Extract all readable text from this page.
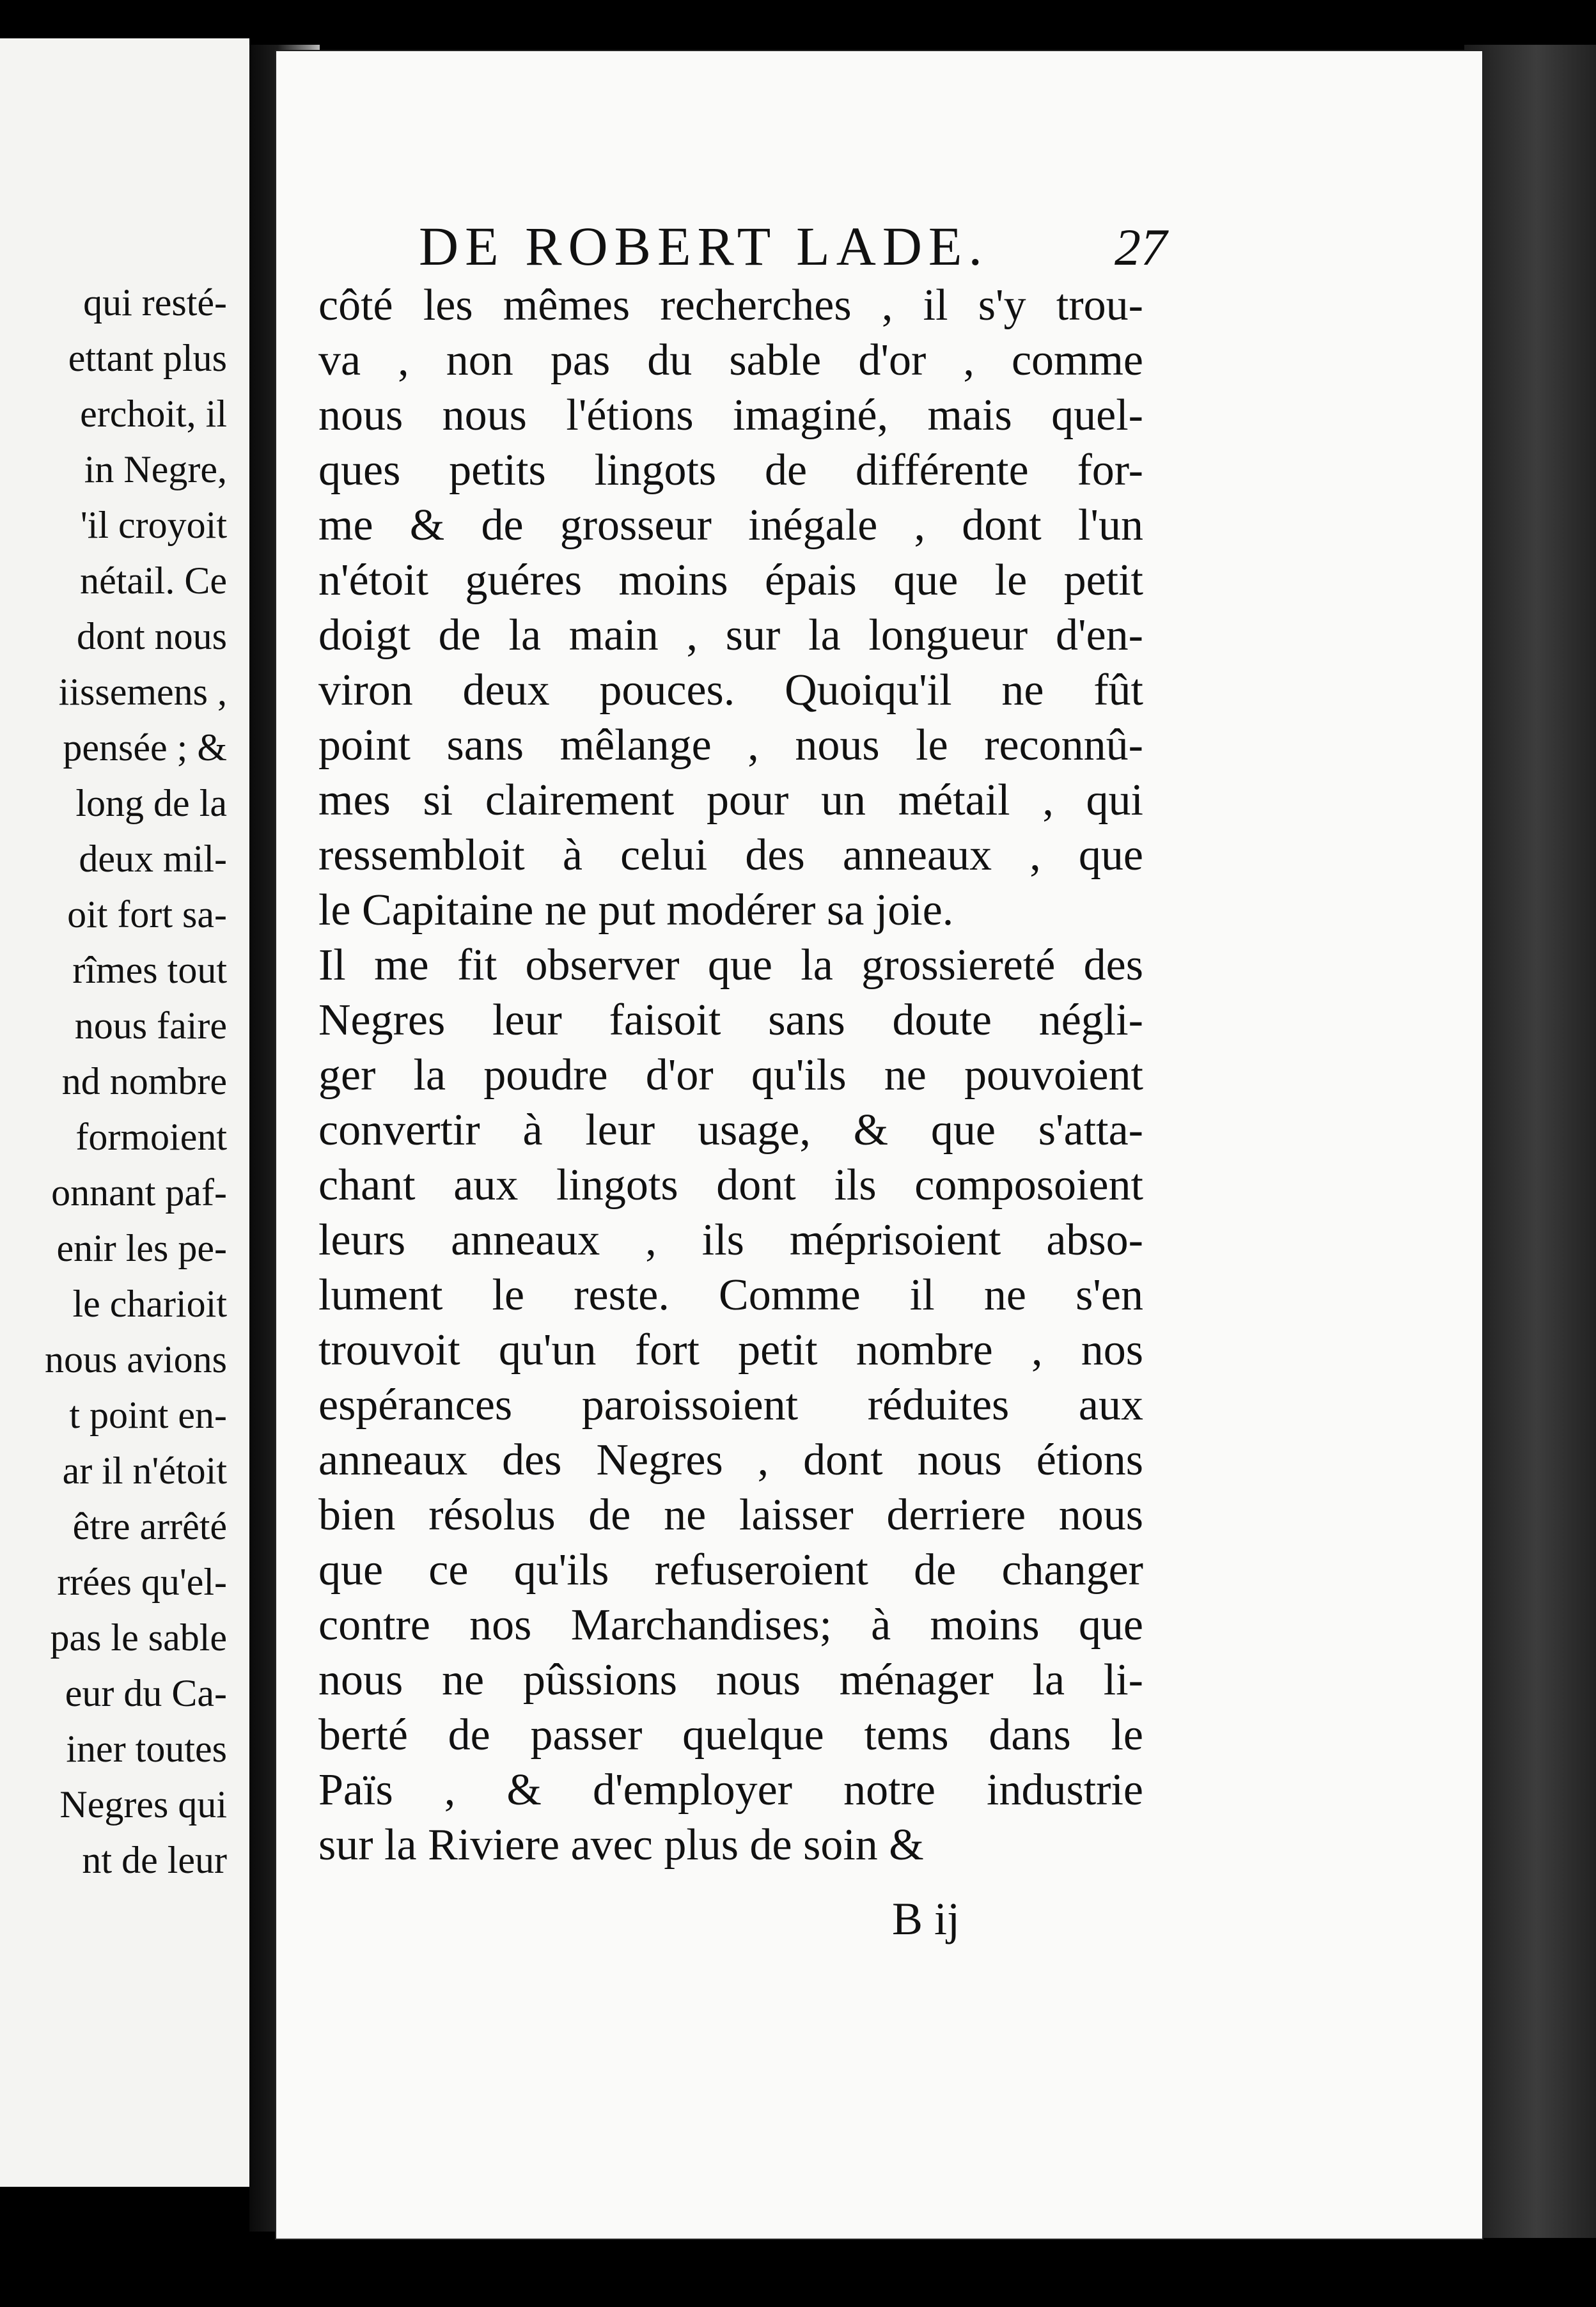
qui resté-
ettant plus
erchoit, il
in Negre,
'il croyoit
nétail. Ce
dont nous
iissemens ,
pensée ; &
long de la
deux mil-
oit fort sa-
rîmes tout
nous faire
nd nombre
formoient
onnant paf-
enir les pe-
le charioit
nous avions
t point en-
ar il n'étoit
être arrêté
rrées qu'el-
pas le sable
eur du Ca-
iner toutes
Negres qui
nt de leur
DE ROBERT LADE. 27
côté les mêmes recherches , il s'y trou-
va , non pas du sable d'or , comme
nous nous l'étions imaginé, mais quel-
ques petits lingots de différente for-
me & de grosseur inégale , dont l'un
n'étoit guéres moins épais que le petit
doigt de la main , sur la longueur d'en-
viron deux pouces. Quoiqu'il ne fût
point sans mêlange , nous le reconnû-
mes si clairement pour un métail , qui
ressembloit à celui des anneaux , que
le Capitaine ne put modérer sa joie.
Il me fit observer que la grossiereté des
Negres leur faisoit sans doute négli-
ger la poudre d'or qu'ils ne pouvoient
convertir à leur usage, & que s'atta-
chant aux lingots dont ils composoient
leurs anneaux , ils méprisoient abso-
lument le reste. Comme il ne s'en
trouvoit qu'un fort petit nombre , nos
espérances paroissoient réduites aux
anneaux des Negres , dont nous étions
bien résolus de ne laisser derriere nous
que ce qu'ils refuseroient de changer
contre nos Marchandises; à moins que
nous ne pûssions nous ménager la li-
berté de passer quelque tems dans le
Païs , & d'employer notre industrie
sur la Riviere avec plus de soin &
B ij
